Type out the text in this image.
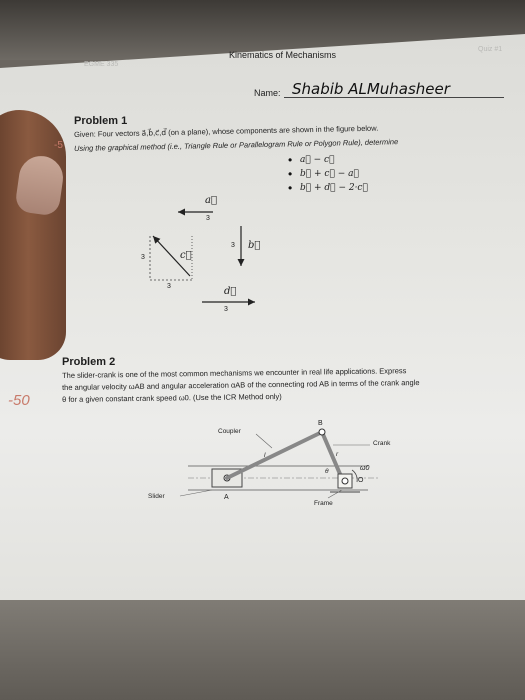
EGME 335
Kinematics of Mechanisms
Quiz #1
Name: Shabib ALMuhasheer
Problem 1
Given: Four vectors a⃗,b⃗,c⃗,d⃗ (on a plane), whose components are shown in the figure below.
Using the graphical method (i.e., Triangle Rule or Parallelogram Rule or Polygon Rule), determine
-5
• a⃗ − c⃗
• b⃗ + c⃗ − a⃗
• b⃗ + d⃗ − 2·c⃗
a⃗
3
3 b⃗
c⃗
3
3	d⃗
3
Problem 2
The slider-crank is one of the most common mechanisms we encounter in real life applications. Express
the angular velocity ωAB and angular acceleration αAB of the connecting rod AB in terms of the crank angle
θ for a given constant crank speed ω0. (Use the ICR Method only)
-50
Coupler
Crank
Slider
Frame
A
B
ω0
θ
l	r
O
